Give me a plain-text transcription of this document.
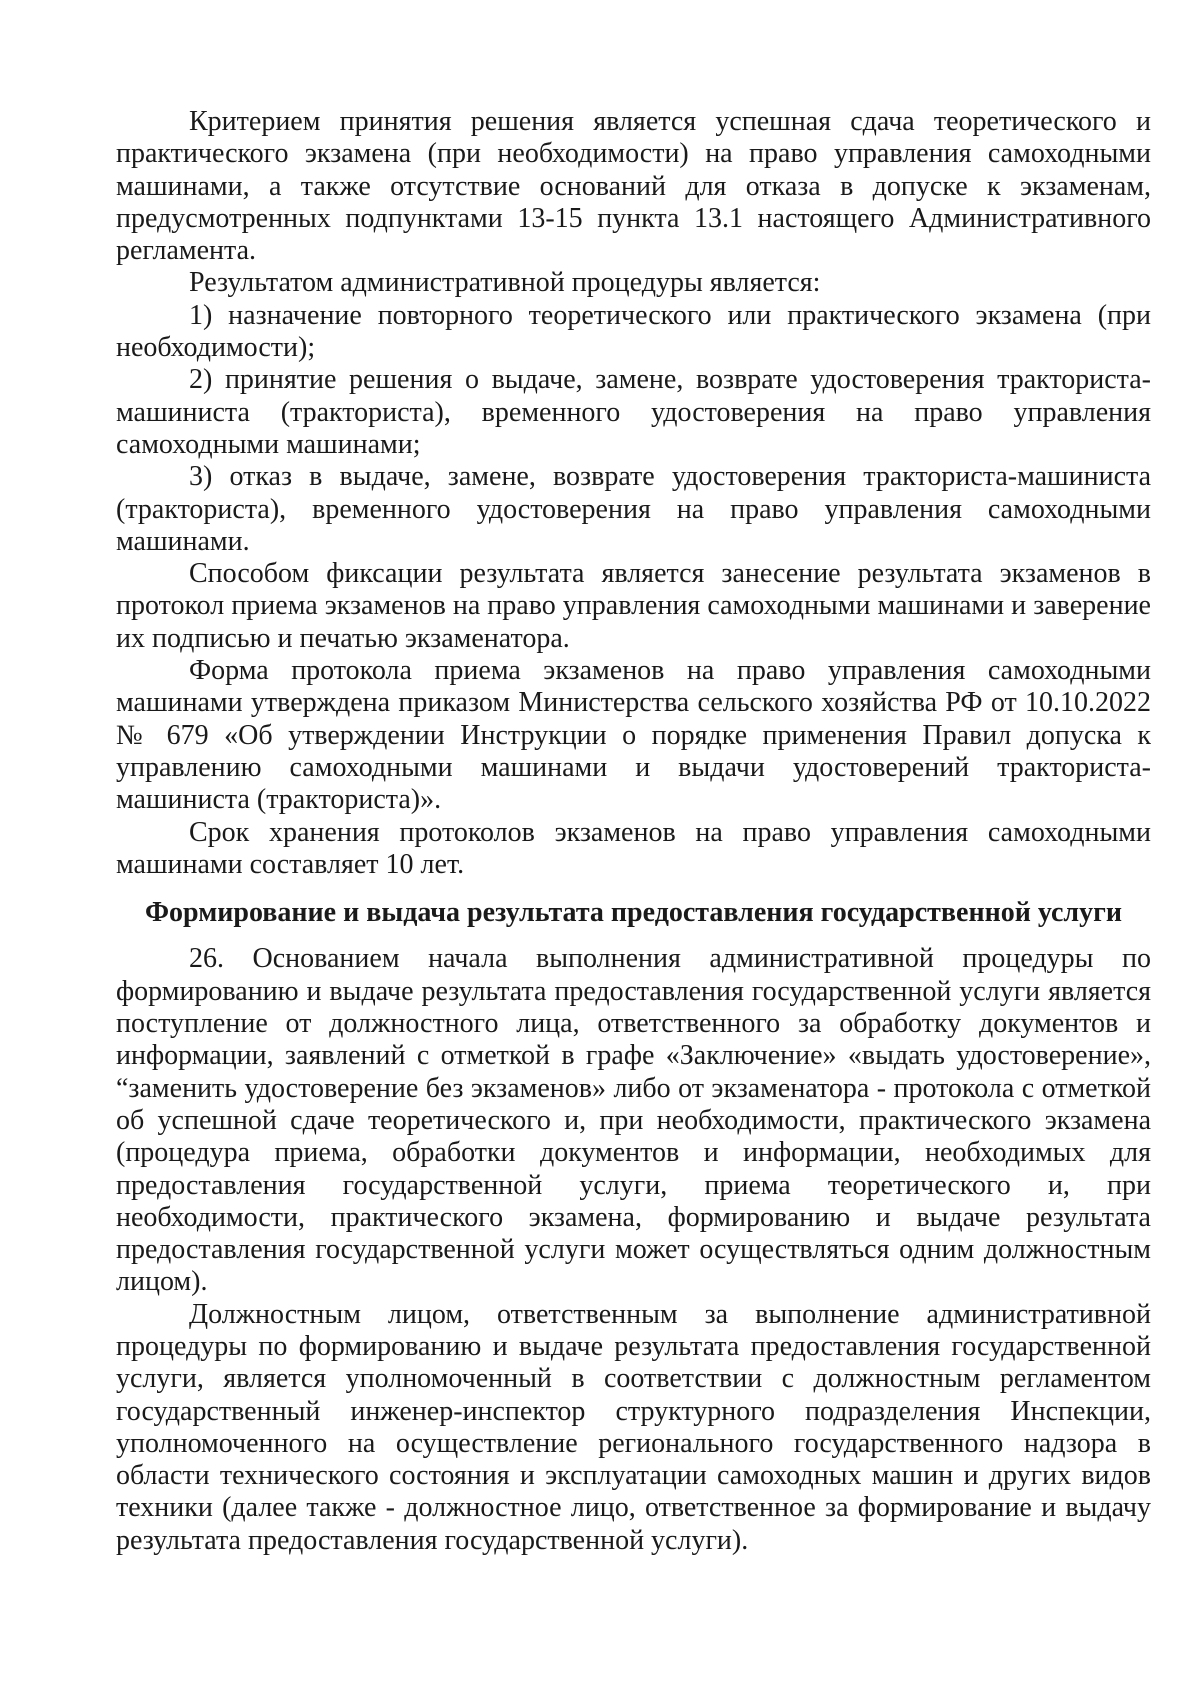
Критерием принятия решения является успешная сдача теоретического и практического экзамена (при необходимости) на право управления самоходными машинами, а также отсутствие оснований для отказа в допуске к экзаменам, предусмотренных подпунктами 13-15 пункта 13.1 настоящего Административного регламента.

Результатом административной процедуры является:

1) назначение повторного теоретического или практического экзамена (при необходимости);

2) принятие решения о выдаче, замене, возврате удостоверения тракториста-машиниста (тракториста), временного удостоверения на право управления самоходными машинами;

3) отказ в выдаче, замене, возврате удостоверения тракториста-машиниста (тракториста), временного удостоверения на право управления самоходными машинами.

Способом фиксации результата является занесение результата экзаменов в протокол приема экзаменов на право управления самоходными машинами и заверение их подписью и печатью экзаменатора.

Форма протокола приема экзаменов на право управления самоходными машинами утверждена приказом Министерства сельского хозяйства РФ от 10.10.2022 № 679 «Об утверждении Инструкции о порядке применения Правил допуска к управлению самоходными машинами и выдачи удостоверений тракториста-машиниста (тракториста)».

Срок хранения протоколов экзаменов на право управления самоходными машинами составляет 10 лет.

Формирование и выдача результата предоставления государственной услуги

26. Основанием начала выполнения административной процедуры по формированию и выдаче результата предоставления государственной услуги является поступление от должностного лица, ответственного за обработку документов и информации, заявлений с отметкой в графе «Заключение» «выдать удостоверение», “заменить удостоверение без экзаменов» либо от экзаменатора - протокола с отметкой об успешной сдаче теоретического и, при необходимости, практического экзамена (процедура приема, обработки документов и информации, необходимых для предоставления государственной услуги, приема теоретического и, при необходимости, практического экзамена, формированию и выдаче результата предоставления государственной услуги может осуществляться одним должностным лицом).

Должностным лицом, ответственным за выполнение административной процедуры по формированию и выдаче результата предоставления государственной услуги, является уполномоченный в соответствии с должностным регламентом государственный инженер-инспектор структурного подразделения Инспекции, уполномоченного на осуществление регионального государственного надзора в области технического состояния и эксплуатации самоходных машин и других видов техники (далее также - должностное лицо, ответственное за формирование и выдачу результата предоставления государственной услуги).
